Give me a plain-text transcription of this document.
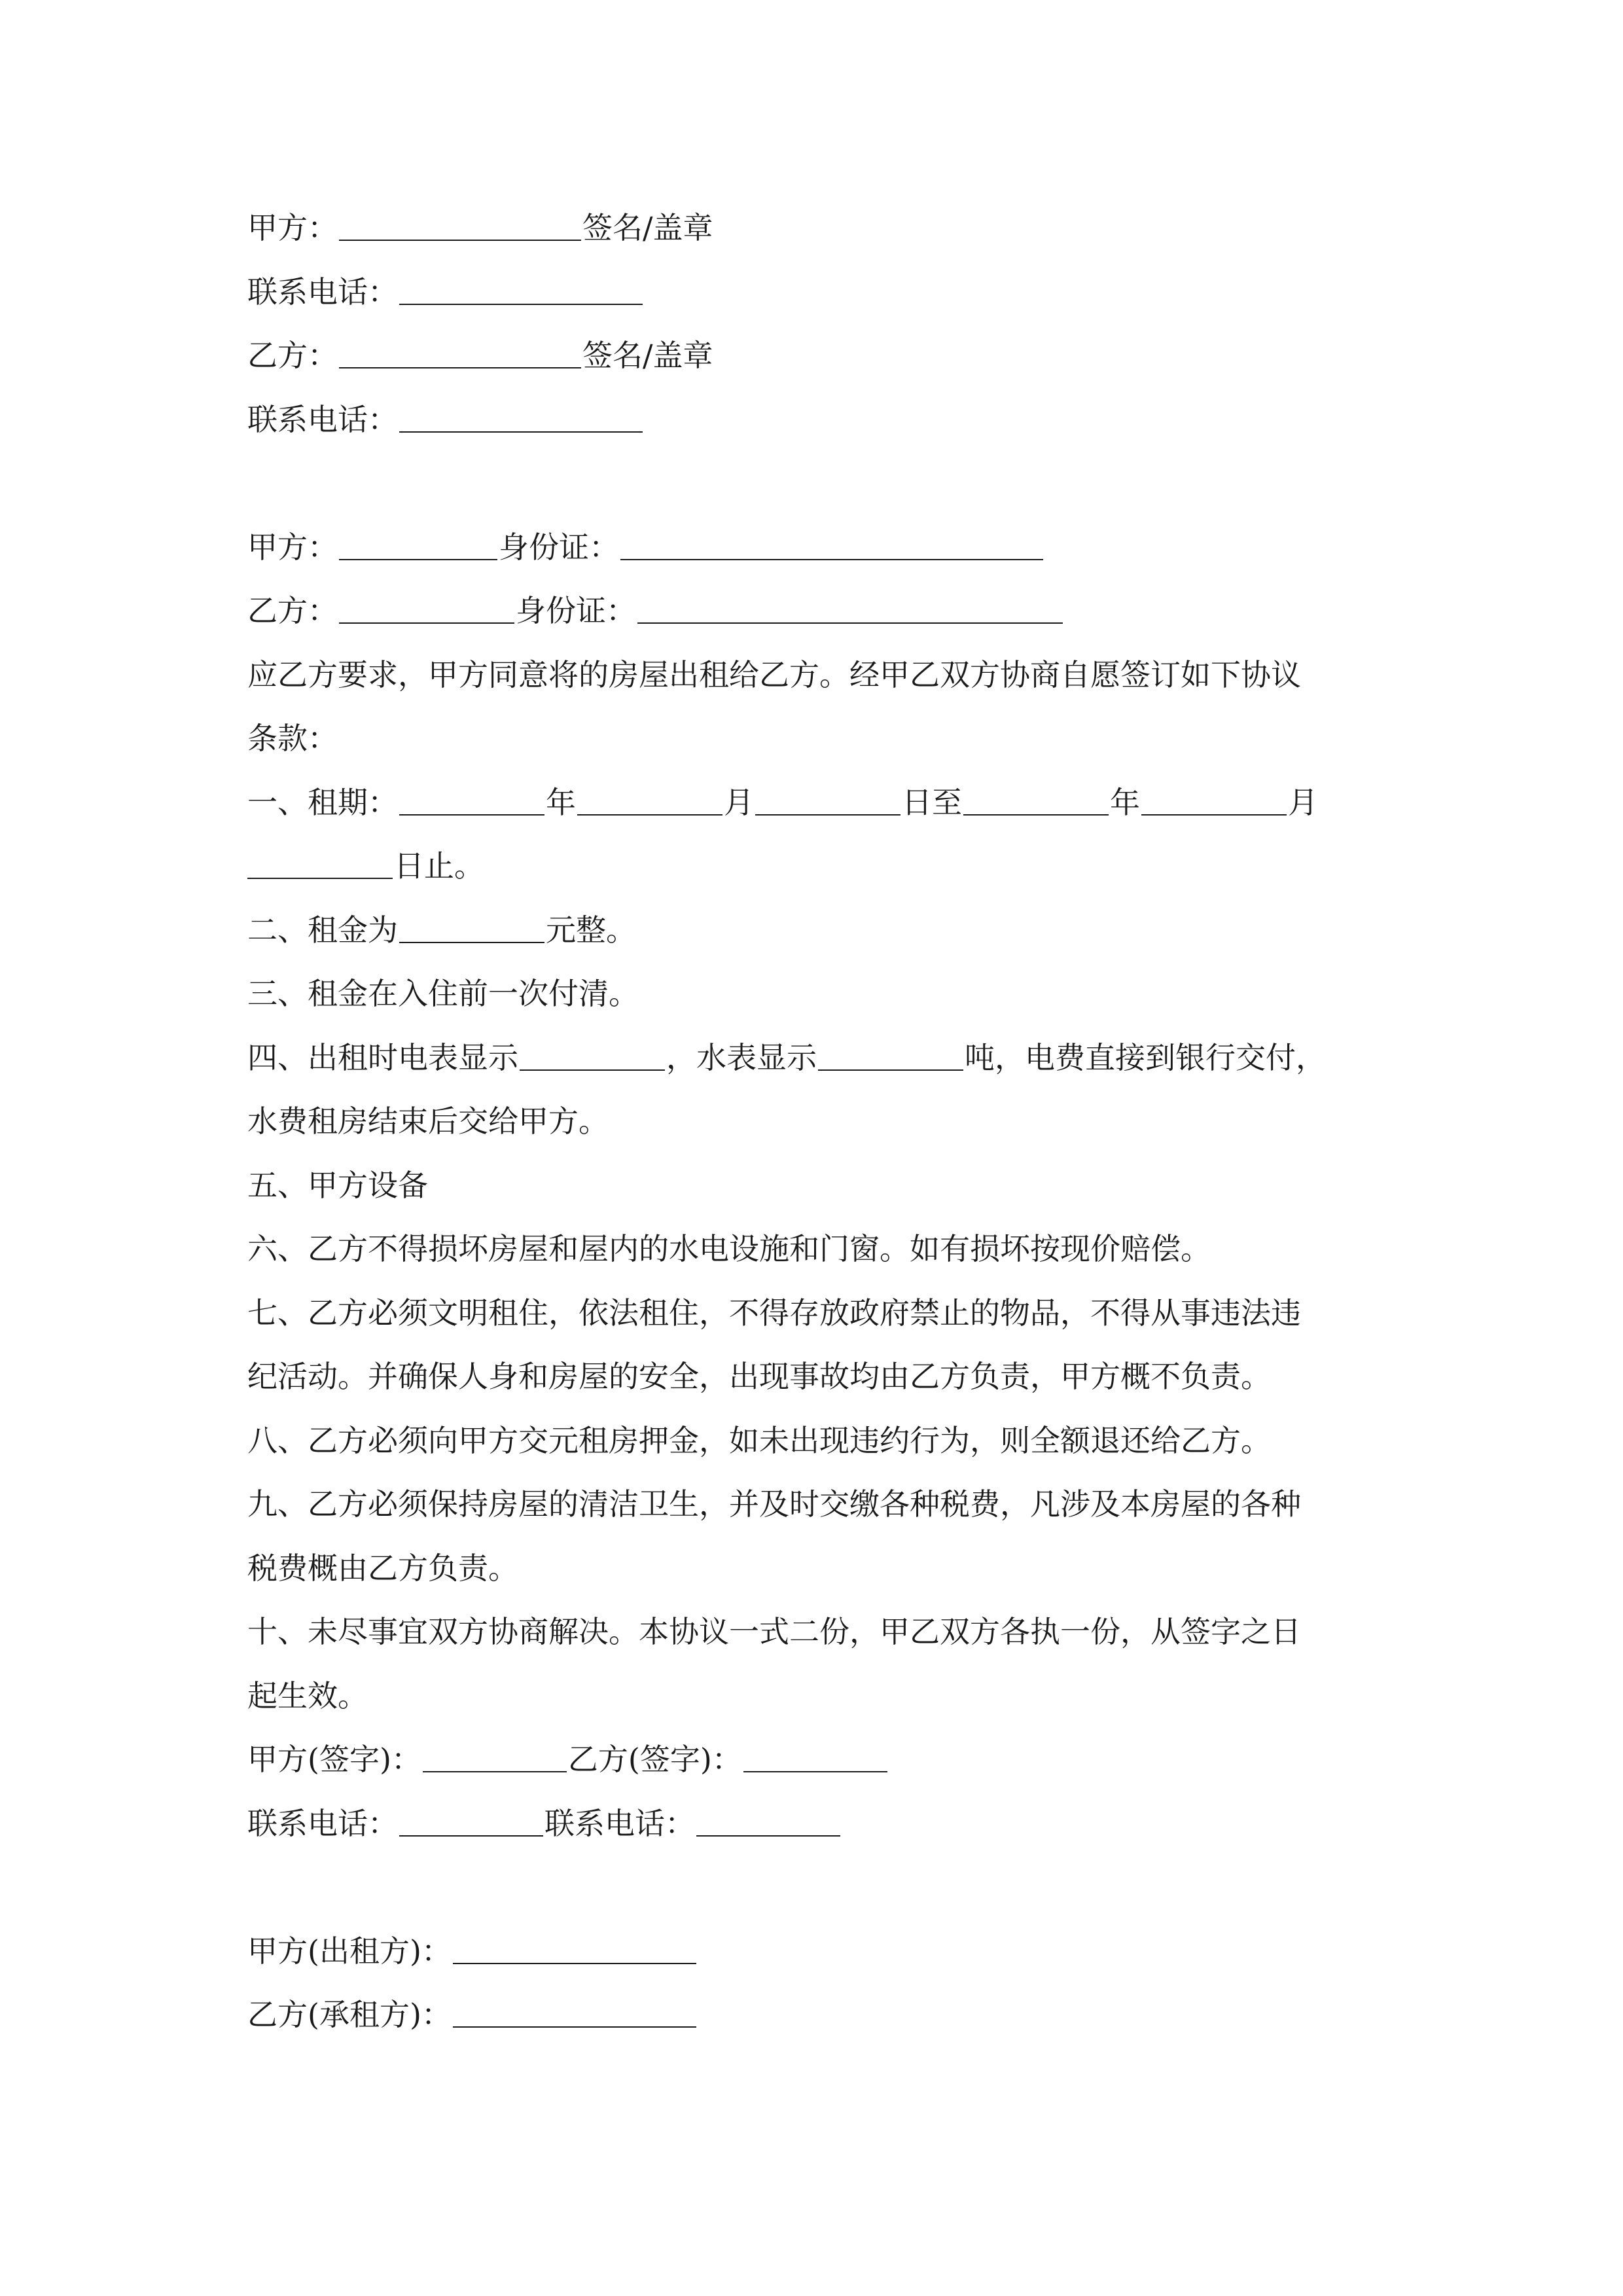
甲方：	签名/盖章
联系电话：
乙方：	签名/盖章
联系电话：
甲方：	身份证：
乙方：	身份证：
应乙方要求，甲方同意将的房屋出租给乙方。经甲乙双方协商自愿签订如下协议
条款：
一、租期：	年	月	日至	年	月
日止。
二、租金为	元整。
三、租金在入住前一次付清。
四、出租时电表显示	，水表显示	吨，电费直接到银行交付，
水费租房结束后交给甲方。
五、甲方设备
六、乙方不得损坏房屋和屋内的水电设施和门窗。如有损坏按现价赔偿。
七、乙方必须文明租住，依法租住，不得存放政府禁止的物品，不得从事违法违
纪活动。并确保人身和房屋的安全，出现事故均由乙方负责，甲方概不负责。
八、乙方必须向甲方交元租房押金，如未出现违约行为，则全额退还给乙方。
九、乙方必须保持房屋的清洁卫生，并及时交缴各种税费，凡涉及本房屋的各种
税费概由乙方负责。
十、未尽事宜双方协商解决。本协议一式二份，甲乙双方各执一份，从签字之日
起生效。
甲方(签字)：	乙方(签字)：
联系电话：	联系电话：
甲方(出租方)：
乙方(承租方)：
